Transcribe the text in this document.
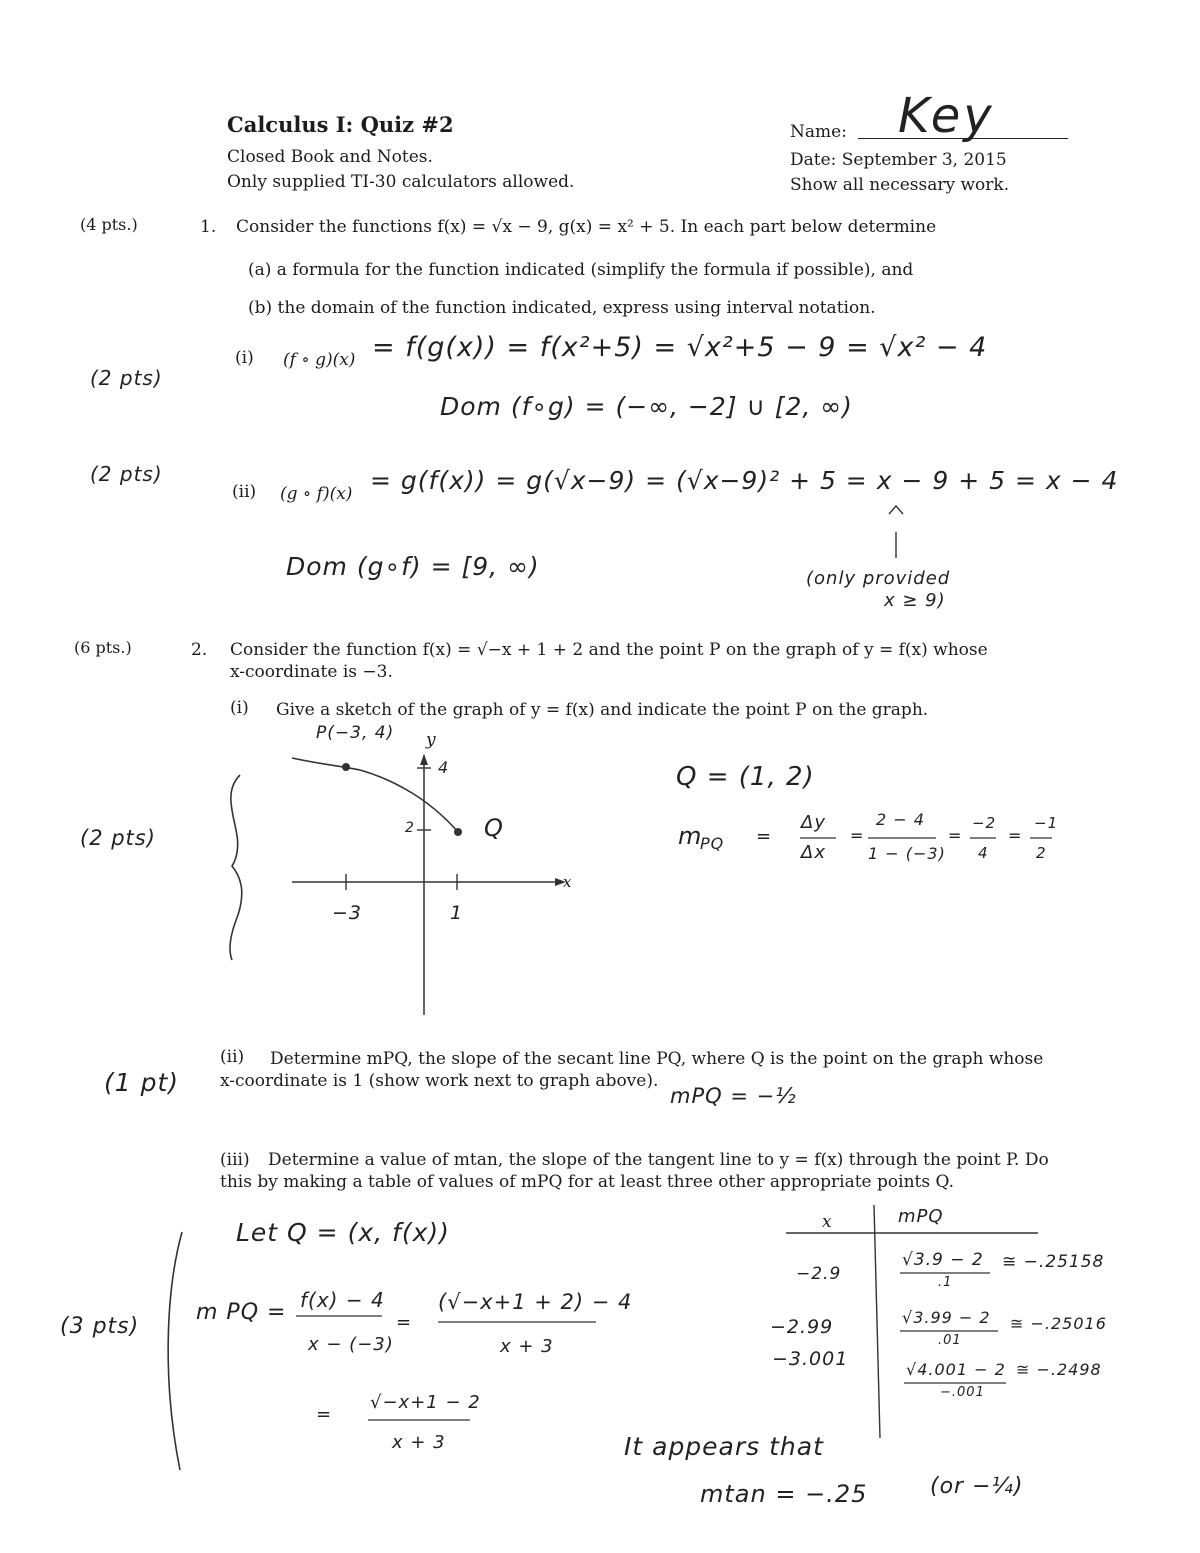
Calculus I: Quiz #2
Closed Book and Notes.
Only supplied TI-30 calculators allowed.
Name: Key
Date: September 3, 2015
Show all necessary work.
(4 pts.)	1. Consider the functions f(x) = √x − 9, g(x) = x² + 5. In each part below determine
(a) a formula for the function indicated (simplify the formula if possible), and
(b) the domain of the function indicated, express using interval notation.
(2 pts)
(i) (f ∘ g)(x) = f(g(x)) = f(x²+5) = √x²+5 − 9 = √x² − 4
Dom (f∘g) = (−∞, −2] ∪ [2, ∞)
(2 pts)
(ii) (g ∘ f)(x) = g(f(x)) = g(√x−9) = (√x−9)² + 5 = x − 9 + 5 = x − 4
Dom (g∘f) = [9, ∞)	(only provided
x ≥ 9)
(6 pts.)	2. Consider the function f(x) = √−x + 1 + 2 and the point P on the graph of y = f(x) whose
x-coordinate is −3.
(i) Give a sketch of the graph of y = f(x) and indicate the point P on the graph.
(2 pts)
P(−3, 4) y
x
4
2
−3	1
Q
Q = (1, 2)
m
PQ =
Δy
Δx
=
2 − 4
1 − (−3)
=
−2
4
=
−1
2
(ii) Determine mPQ, the slope of the secant line PQ, where Q is the point on the graph whose
x-coordinate is 1 (show work next to graph above).
mPQ = −½
(1 pt)
(iii) Determine a value of mtan, the slope of the tangent line to y = f(x) through the point P. Do
this by making a table of values of mPQ for at least three other appropriate points Q.
Let Q = (x, f(x))
m PQ = f(x) − 4
x − (−3)
=
(√−x+1 + 2) − 4
x + 3
=
√−x+1 − 2
x + 3
(3 pts)
x	mPQ
−2.9
√3.9 − 2
.1
≅ −.25158
−2.99	√3.99 − 2
.01
≅ −.25016
−3.001	√4.001 − 2
−.001
≅ −.2498
It appears that
mtan = −.25	(or −¼)
